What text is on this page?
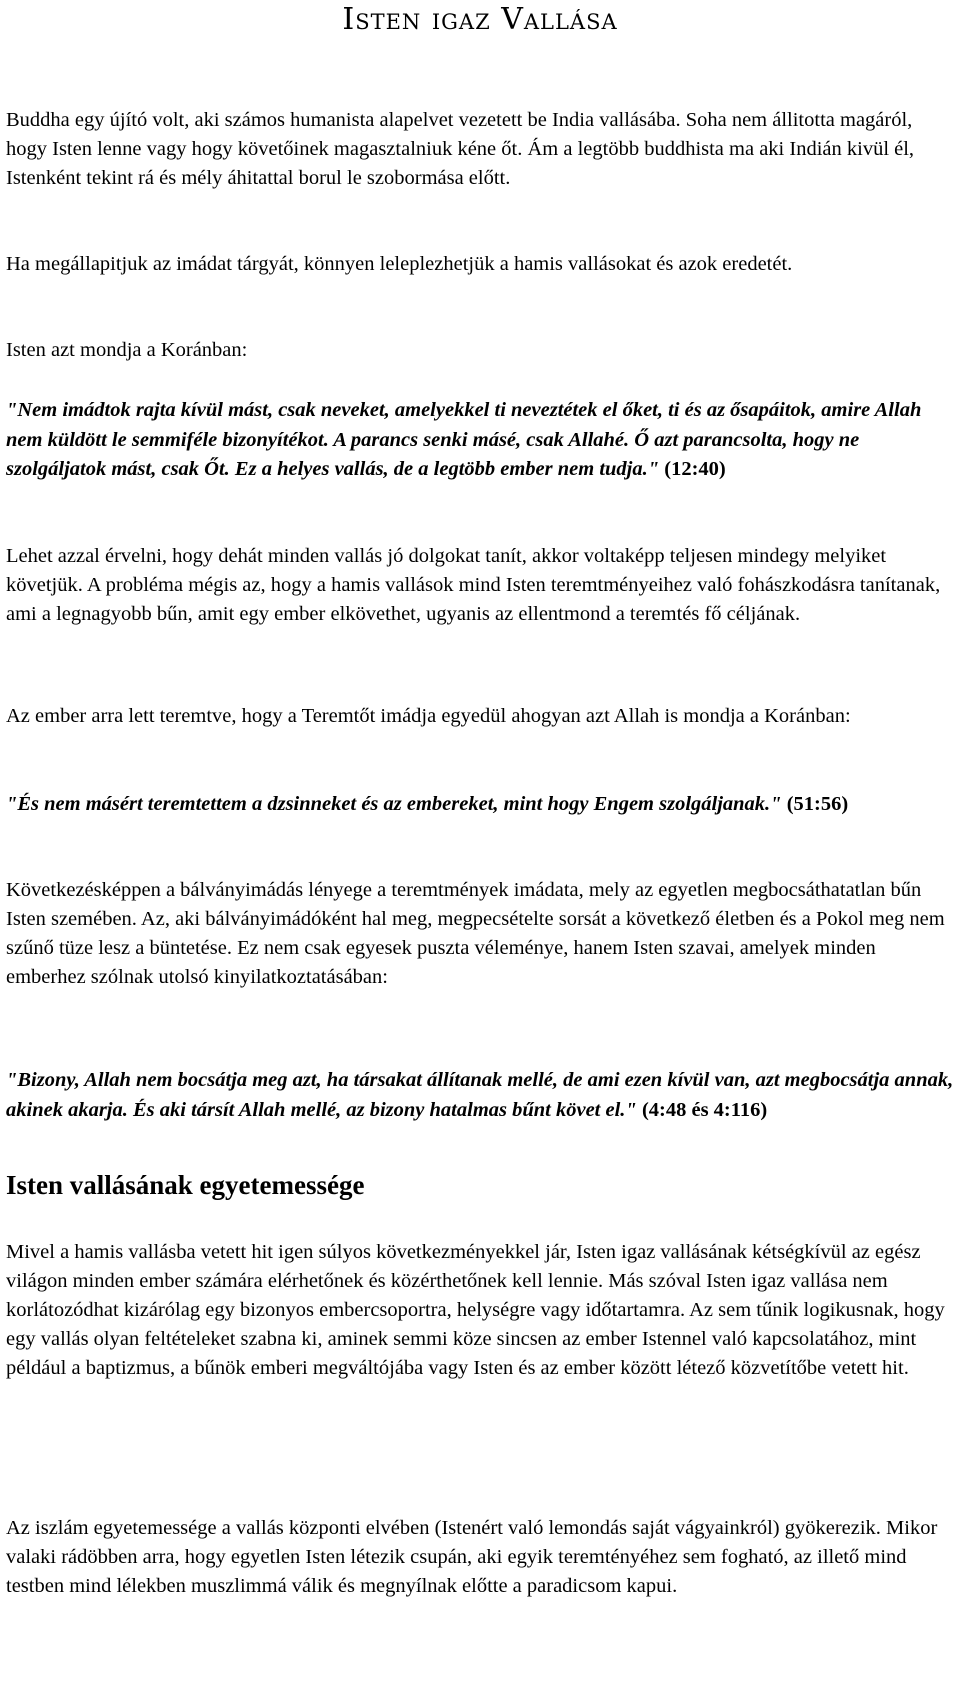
Isten igaz Vallása

Buddha egy újító volt, aki számos humanista alapelvet vezetett be India vallásába. Soha nem állitotta magáról, hogy Isten lenne vagy hogy követőinek magasztalniuk kéne őt. Ám a legtöbb buddhista ma aki Indián kivül él, Istenként tekint rá és mély áhitattal borul le szobormása előtt.

Ha megállapitjuk az imádat tárgyát, könnyen leleplezhetjük a hamis vallásokat és azok eredetét.

Isten azt mondja a Koránban:

"Nem imádtok rajta kívül mást, csak neveket, amelyekkel ti neveztétek el őket, ti és az ősapáitok, amire Allah nem küldött le semmiféle bizonyítékot. A parancs senki másé, csak Allahé. Ő azt parancsolta, hogy ne szolgáljatok mást, csak Őt. Ez a helyes vallás, de a legtöbb ember nem tudja." (12:40)

Lehet azzal érvelni, hogy dehát minden vallás jó dolgokat tanít, akkor voltaképp teljesen mindegy melyiket követjük. A probléma mégis az, hogy a hamis vallások mind Isten teremtményeihez való fohászkodásra tanítanak, ami a legnagyobb bűn, amit egy ember elkövethet, ugyanis az ellentmond a teremtés fő céljának.

Az ember arra lett teremtve, hogy a Teremtőt imádja egyedül ahogyan azt Allah is mondja a Koránban:

"És nem másért teremtettem a dzsinneket és az embereket, mint hogy Engem szolgáljanak." (51:56)

Következésképpen a bálványimádás lényege a teremtmények imádata, mely az egyetlen megbocsáthatatlan bűn Isten szemében. Az, aki bálványimádóként hal meg, megpecsételte sorsát a következő életben és a Pokol meg nem szűnő tüze lesz a büntetése. Ez nem csak egyesek puszta véleménye, hanem Isten szavai, amelyek minden emberhez szólnak utolsó kinyilatkoztatásában:

"Bizony, Allah nem bocsátja meg azt, ha társakat állítanak mellé, de ami ezen kívül van, azt megbocsátja annak, akinek akarja. És aki társít Allah mellé, az bizony hatalmas bűnt követ el." (4:48 és 4:116)

Isten vallásának egyetemessége

Mivel a hamis vallásba vetett hit igen súlyos következményekkel jár, Isten igaz vallásának kétségkívül az egész világon minden ember számára elérhetőnek és közérthetőnek kell lennie. Más szóval Isten igaz vallása nem korlátozódhat kizárólag egy bizonyos embercsoportra, helységre vagy időtartamra. Az sem tűnik logikusnak, hogy egy vallás olyan feltételeket szabna ki, aminek semmi köze sincsen az ember Istennel való kapcsolatához, mint például a baptizmus, a bűnök emberi megváltójába vagy Isten és az ember között létező közvetítőbe vetett hit.

Az iszlám egyetemessége a vallás központi elvében (Istenért való lemondás saját vágyainkról) gyökerezik. Mikor valaki rádöbben arra, hogy egyetlen Isten létezik csupán, aki egyik teremtényéhez sem fogható, az illető mind testben mind lélekben muszlimmá válik és megnyílnak előtte a paradicsom kapui.
